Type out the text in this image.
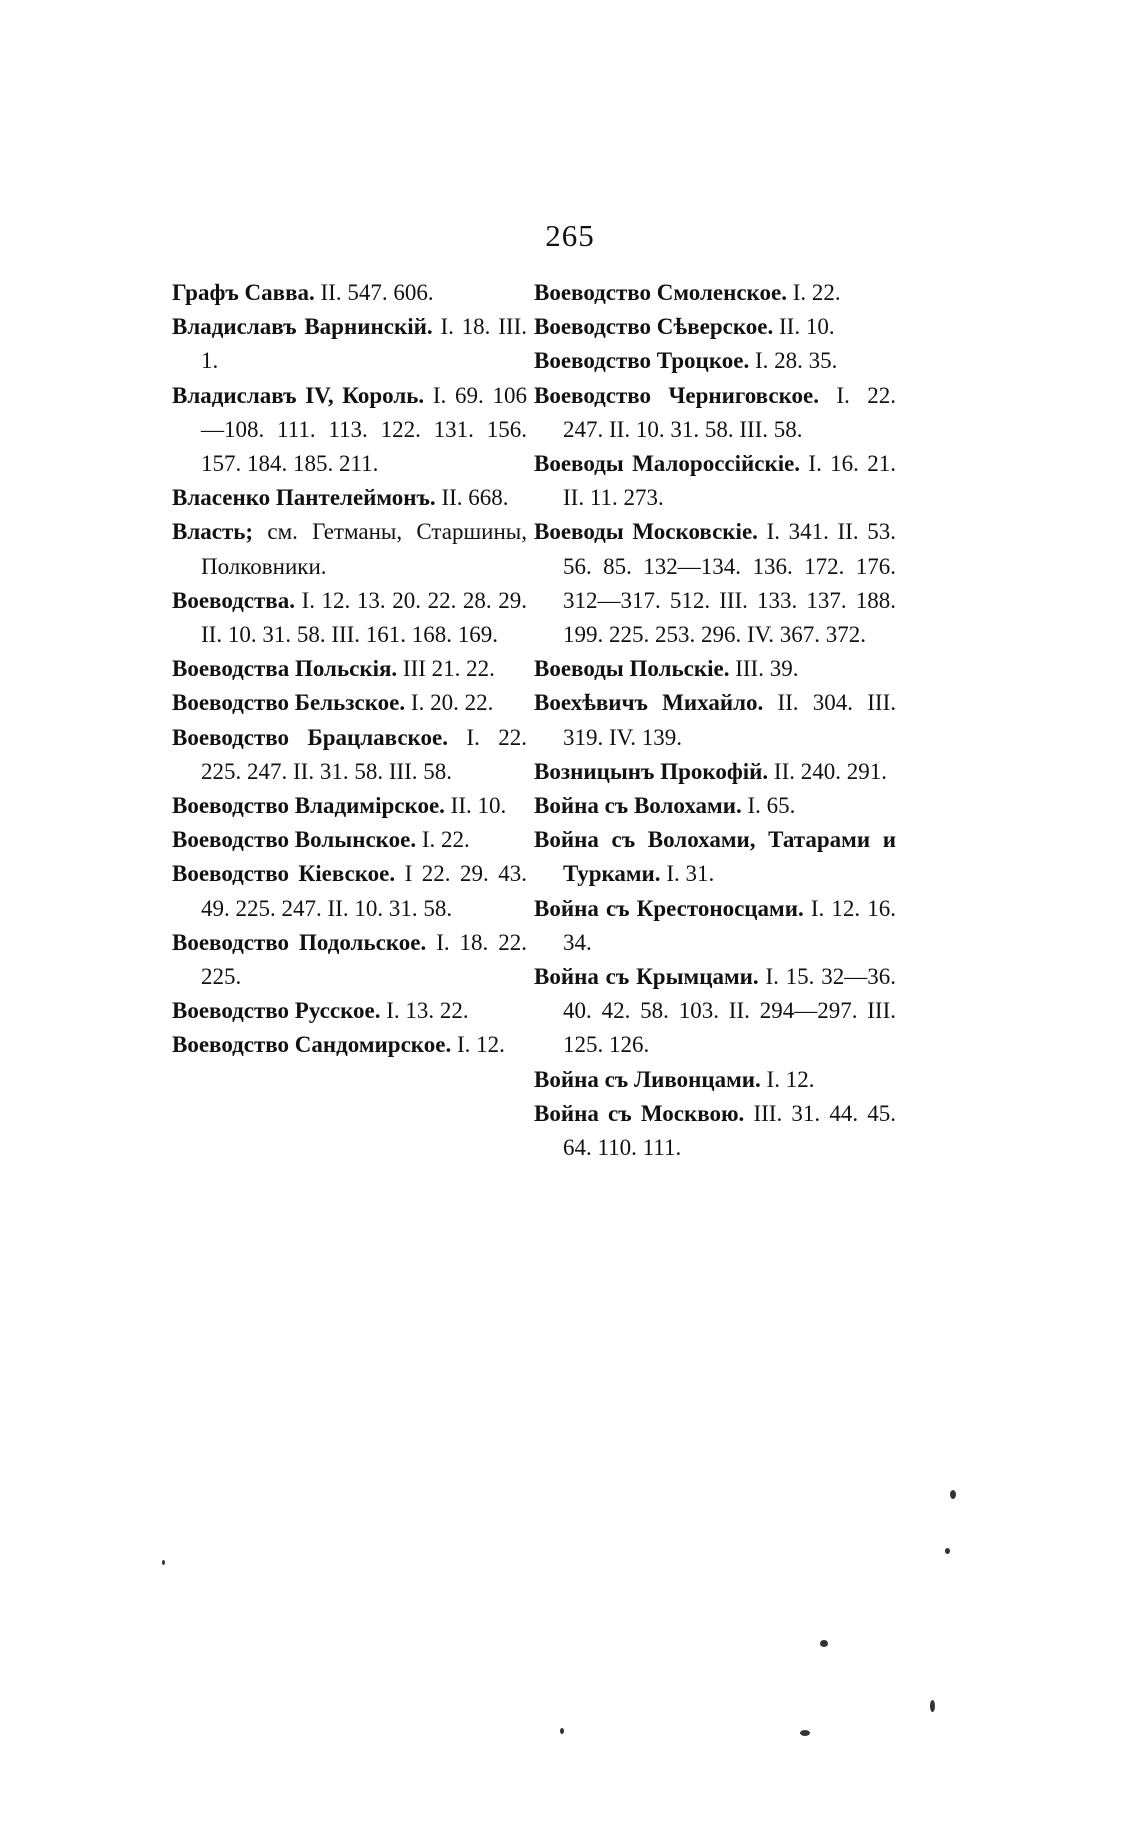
265
Графъ Савва. II. 547. 606.
Владиславъ Варнинскій. I. 18. III. 1.
Владиславъ IV, Король. I. 69. 106—108. 111. 113. 122. 131. 156. 157. 184. 185. 211.
Власенко Пантелеймонъ. II. 668.
Власть; см. Гетманы, Старшины, Полковники.
Воеводства. I. 12. 13. 20. 22. 28. 29. II. 10. 31. 58. III. 161. 168. 169.
Воеводства Польскія. III 21. 22.
Воеводство Бельзское. I. 20. 22.
Воеводство Брацлавское. I. 22. 225. 247. II. 31. 58. III. 58.
Воеводство Владимірское. II. 10.
Воеводство Волынское. I. 22.
Воеводство Кіевское. I 22. 29. 43. 49. 225. 247. II. 10. 31. 58.
Воеводство Подольское. I. 18. 22. 225.
Воеводство Русское. I. 13. 22.
Воеводство Сандомирское. I. 12.
Воеводство Смоленское. I. 22.
Воеводство Сѣверское. II. 10.
Воеводство Троцкое. I. 28. 35.
Воеводство Черниговское. I. 22. 247. II. 10. 31. 58. III. 58.
Воеводы Малороссійскіе. I. 16. 21. II. 11. 273.
Воеводы Московскіе. I. 341. II. 53. 56. 85. 132—134. 136. 172. 176. 312—317. 512. III. 133. 137. 188. 199. 225. 253. 296. IV. 367. 372.
Воеводы Польскіе. III. 39.
Воехѣвичъ Михайло. II. 304. III. 319. IV. 139.
Возницынъ Прокофій. II. 240. 291.
Война съ Волохами. I. 65.
Война съ Волохами, Татарами и Турками. I. 31.
Война съ Крестоносцами. I. 12. 16. 34.
Война съ Крымцами. I. 15. 32—36. 40. 42. 58. 103. II. 294—297. III. 125. 126.
Война съ Ливонцами. I. 12.
Война съ Москвою. III. 31. 44. 45. 64. 110. 111.
